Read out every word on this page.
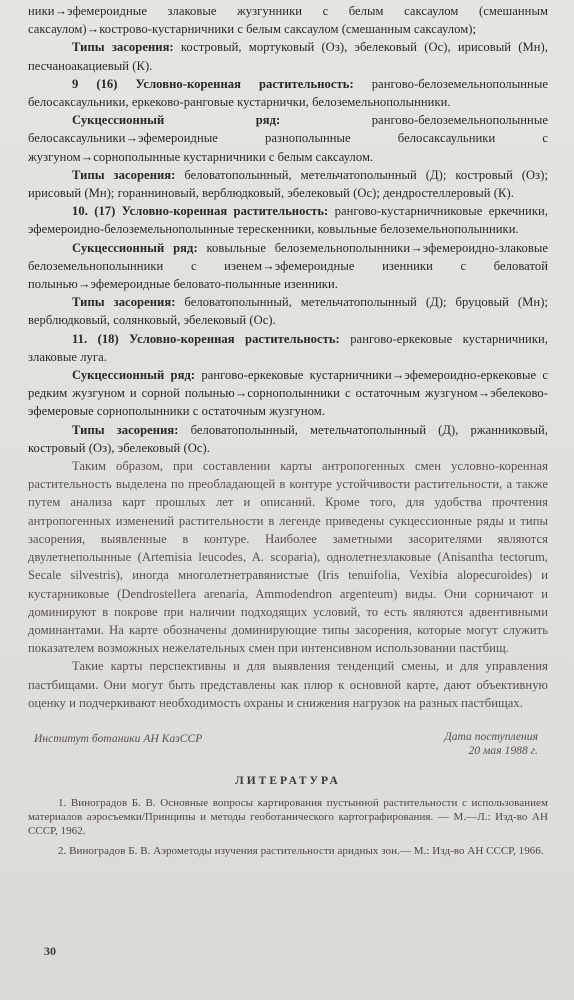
ники→эфемероидные злаковые жузгунники с белым саксаулом (смешанным саксаулом)→кострово-кустарничники с белым саксаулом (смешанным саксаулом);

Типы засорения: костровый, мортуковый (Оз), эбелековый (Ос), ирисовый (Мн), песчаноакациевый (К).

9 (16) Условно-коренная растительность: рангово-белоземельнополынные белосаксаульники, еркеково-ранговые кустарнички, белоземельнополынники.

Сукцессионный ряд: рангово-белоземельнополынные белосаксаульники→эфемероидные разнополынные белосаксаульники с жузгуном→сорнополынные кустарничники с белым саксаулом.

Типы засорения: беловатополынный, метельчатополынный (Д); костровый (Оз); ирисовый (Мн); гоpанниновый, верблюдковый, эбелековый (Ос); дендростеллеровый (К).

10. (17) Условно-коренная растительность: рангово-кустарничниковые еркечники, эфемероидно-белоземельнополынные терескенники, ковыльные белоземельнополынники.

Сукцессионный ряд: ковыльные белоземельнополынники→эфемероидно-злаковые белоземельнополынники с изенем→эфемероидные изенники с беловатой полынью→эфемероидные беловато-полынные изенники.

Типы засорения: беловатополынный, метельчатополынный (Д); бруцовый (Мн); верблюдковый, солянковый, эбелековый (Ос).

11. (18) Условно-коренная растительность: рангово-еркековые кустарничники, злаковые луга.

Сукцессионный ряд: рангово-еркековые кустарничники→эфемероидно-еркековые с редким жузгуном и сорной полынью→сорнополынники с остаточным жузгуном→эбелеково-эфемеровые сорнополынники с остаточным жузгуном.

Типы засорения: беловатополынный, метельчатополынный (Д), ржанниковый, костровый (Оз), эбелековый (Ос).

Таким образом, при составлении карты антропогенных смен условно-коренная растительность выделена по преобладающей в контуре устойчивости растительности, а также путем анализа карт прошлых лет и описаний. Кроме того, для удобства прочтения антропогенных изменений растительности в легенде приведены сукцессионные ряды и типы засорения, выявленные в контуре. Наиболее заметными засорителями являются двулетнеполынные (Artemisia leucodes, A. scoparia), однолетнезлаковые (Anisantha tectorum, Secale silvestris), иногда многолетнетравянистые (Iris tenuifolia, Vexibia alopecuroides) и кустарниковые (Dendrostellera arenaria, Ammodendron argenteum) виды. Они сорничают и доминируют в покрове при наличии подходящих условий, то есть являются адвентивными доминантами. На карте обозначены доминирующие типы засорения, которые могут служить показателем возможных нежелательных смен при интенсивном использовании пастбищ.

Такие карты перспективны и для выявления тенденций смены, и для управления пастбищами. Они могут быть представлены как плюр к основной карте, дают объективную оценку и подчеркивают необходимость охраны и снижения нагрузок на разных пастбищах.

Институт ботаники АН КазССР	Дата поступления
20 мая 1988 г.
ЛИТЕРАТУРА
1. Виноградов Б. В. Основные вопросы картирования пустынной растительности с использованием материалов аэросъемки/Принципы и методы геоботанического картографирования. — М.—Л.: Изд-во АН СССР, 1962.
2. Виноградов Б. В. Аэрометоды изучения растительности аридных зон.— М.: Изд-во АН СССР, 1966.
30
